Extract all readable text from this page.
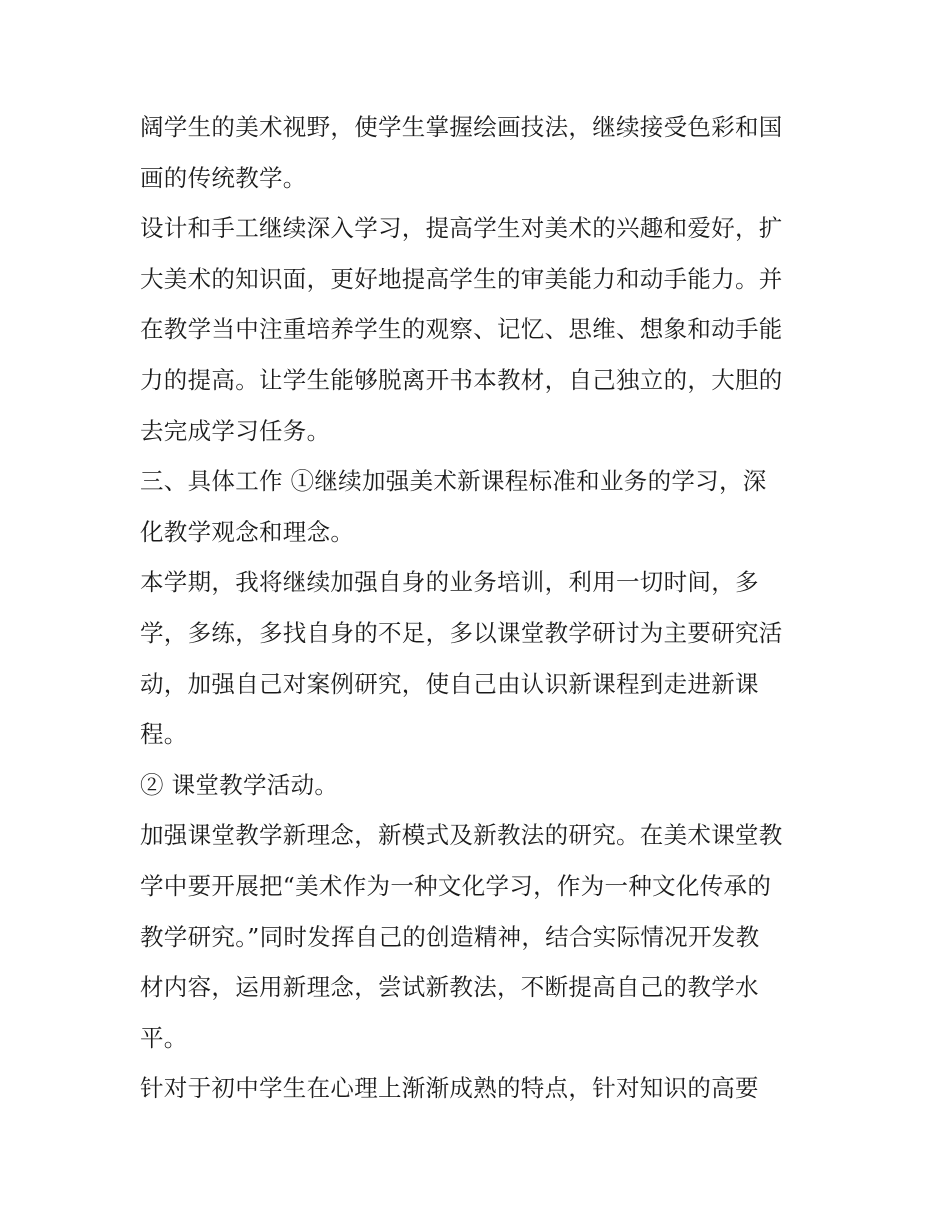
阔学生的美术视野，使学生掌握绘画技法，继续接受色彩和国
画的传统教学。
设计和手工继续深入学习，提高学生对美术的兴趣和爱好，扩
大美术的知识面，更好地提高学生的审美能力和动手能力。并
在教学当中注重培养学生的观察、记忆、思维、想象和动手能
力的提高。让学生能够脱离开书本教材，自己独立的，大胆的
去完成学习任务。
三、具体工作 ①继续加强美术新课程标准和业务的学习，深
化教学观念和理念。
本学期，我将继续加强自身的业务培训，利用一切时间，多
学，多练，多找自身的不足，多以课堂教学研讨为主要研究活
动，加强自己对案例研究，使自己由认识新课程到走进新课
程。
② 课堂教学活动。
加强课堂教学新理念，新模式及新教法的研究。在美术课堂教
学中要开展把“美术作为一种文化学习，作为一种文化传承的
教学研究。”同时发挥自己的创造精神，结合实际情况开发教
材内容，运用新理念，尝试新教法，不断提高自己的教学水
平。
针对于初中学生在心理上渐渐成熟的特点，针对知识的高要
